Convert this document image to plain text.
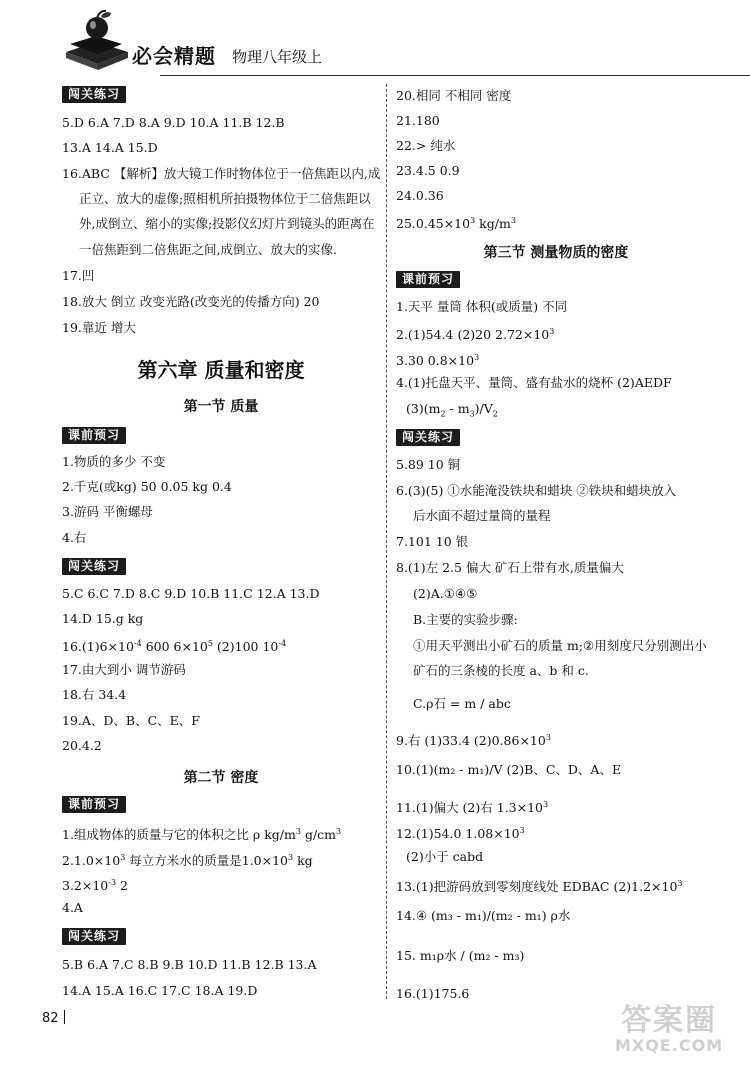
必会精题 物理八年级上
闯关练习
5.D 6.A 7.D 8.A 9.D 10.A 11.B 12.B
13.A 14.A 15.D
16.ABC 【解析】放大镜工作时物体位于一倍焦距以内,成
正立、放大的虚像;照相机所拍摄物体位于二倍焦距以
外,成倒立、缩小的实像;投影仪幻灯片到镜头的距离在
一倍焦距到二倍焦距之间,成倒立、放大的实像.
17.凹
18.放大 倒立 改变光路(改变光的传播方向) 20
19.靠近 增大
第六章 质量和密度
第一节 质量
课前预习
1.物质的多少 不变
2.千克(或kg) 50 0.05 kg 0.4
3.游码 平衡螺母
4.右
闯关练习
5.C 6.C 7.D 8.C 9.D 10.B 11.C 12.A 13.D
14.D 15.g kg
$16.(1)6\times 10^{-4}$ 600 $6\times 10^5$ (2)100 $10^{-4}$
17.由大到小 调节游码
18.右 34.4
19.A、D、B、C、E、F
20.4.2
第二节 密度
课前预习
1.组成物体的质量与它的体积之比 ρ $kg/m^3$ $g/cm^3$
$2.1.0\times 10^3$ 每立方米水的质量是$1.0\times 10^3$ kg
$3.2\times 10^{-3}$ 2
4.A
闯关练习
5.B 6.A 7.C 8.B 9.B 10.D 11.B 12.B 13.A
14.A 15.A 16.C 17.C 18.A 19.D
20.相同 不相同 密度
21.180
22.> 纯水
23.4.5 0.9
24.0.36
$25.0.45\times 10^3$ $kg/m^3$
第三节 测量物质的密度
课前预习
1.天平 量筒 体积(或质量) 不同
2.(1)54.4 (2)20 $2.72\times 10^3$
3.30 $0.8\times 10^3$
4.(1)托盘天平、量筒、盛有盐水的烧杯 (2)AEDF
$(3)(m_2 - m_3)/V_2$
闯关练习
5.89 10 铜
6.(3)(5) ①水能淹没铁块和蜡块 ②铁块和蜡块放入
后水面不超过量筒的量程
7.101 10 银
8.(1)左 2.5 偏大 矿石上带有水,质量偏大
(2)A.①④⑤
B.主要的实验步骤:
①用天平测出小矿石的质量 m;②用刻度尺分别测出小
矿石的三条棱的长度 a、b 和 c.
C.ρ石 = m / abc
9.右 (1)33.4 $(2)0.86\times 10^3$
10.(1)(m₂ - m₁)/V (2)B、C、D、A、E
11.(1)偏大 (2)右 $1.3\times 10^3$
12.(1)54.0 $1.08\times 10^3$
(2)小于 cabd
13.(1)把游码放到零刻度线处 EDBAC $(2)1.2\times 10^3$
14.④ (m₃ - m₁)/(m₂ - m₁) ρ水
15. m₁ρ水 / (m₂ - m₃)
16.(1)175.6
82	答案圈
MXQE.COM
